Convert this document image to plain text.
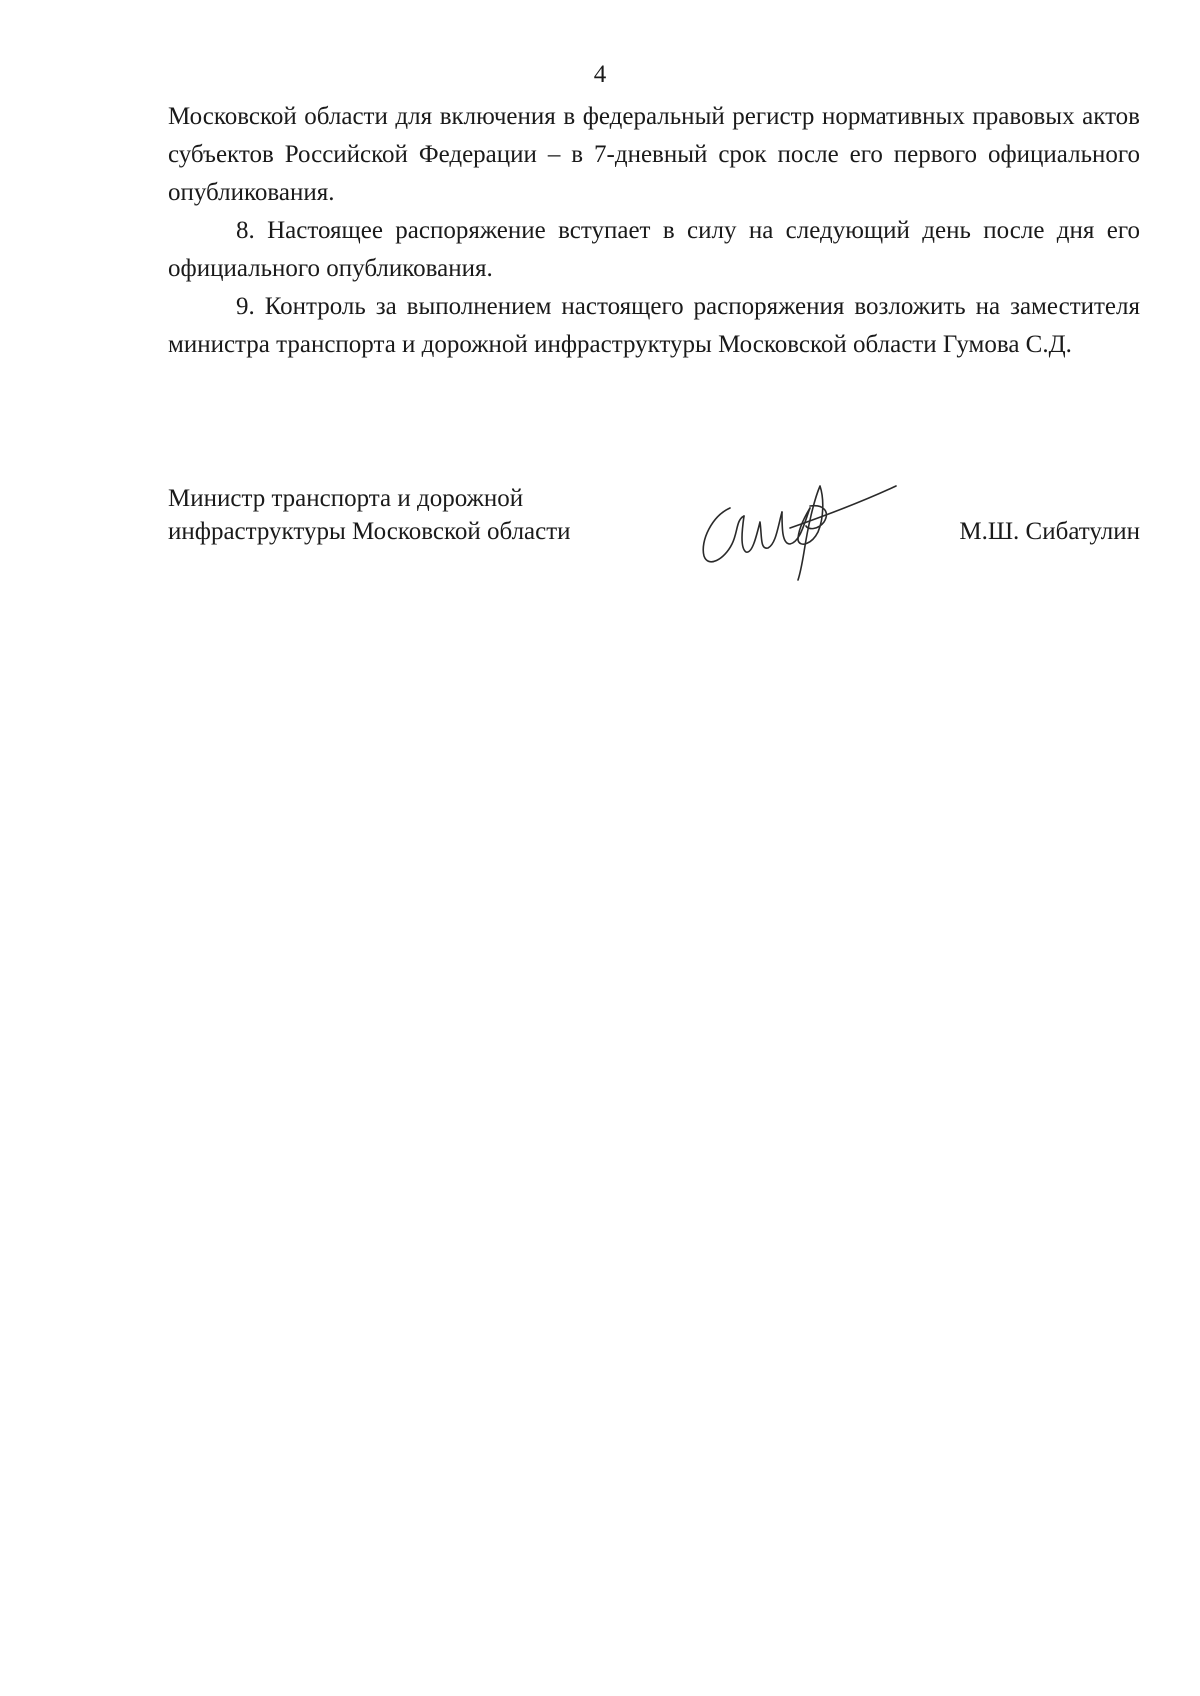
4

Московской области для включения в федеральный регистр нормативных правовых актов субъектов Российской Федерации – в 7-дневный срок после его первого официального опубликования.

8. Настоящее распоряжение вступает в силу на следующий день после дня его официального опубликования.

9. Контроль за выполнением настоящего распоряжения возложить на заместителя министра транспорта и дорожной инфраструктуры Московской области Гумова С.Д.

Министр транспорта и дорожной
инфраструктуры Московской области	М.Ш. Сибатулин
